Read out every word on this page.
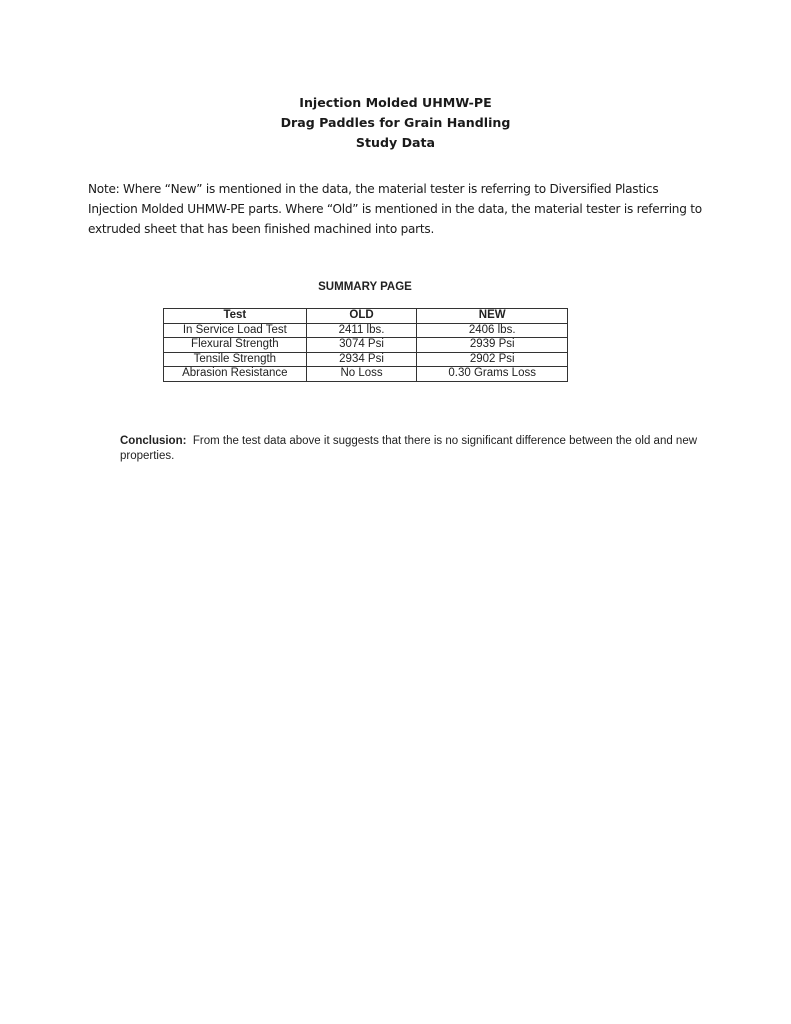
Injection Molded UHMW-PE
Drag Paddles for Grain Handling
Study Data
Note: Where “New” is mentioned in the data, the material tester is referring to Diversified Plastics Injection Molded UHMW-PE parts. Where “Old” is mentioned in the data, the material tester is referring to extruded sheet that has been finished machined into parts.
SUMMARY PAGE
Test	OLD	NEW
In Service Load Test	2411 lbs.	2406 lbs.
Flexural Strength	3074 Psi	2939 Psi
Tensile Strength	2934 Psi	2902 Psi
Abrasion Resistance	No Loss	0.30 Grams Loss
Conclusion:  From the test data above it suggests that there is no significant difference between the old and new properties.
